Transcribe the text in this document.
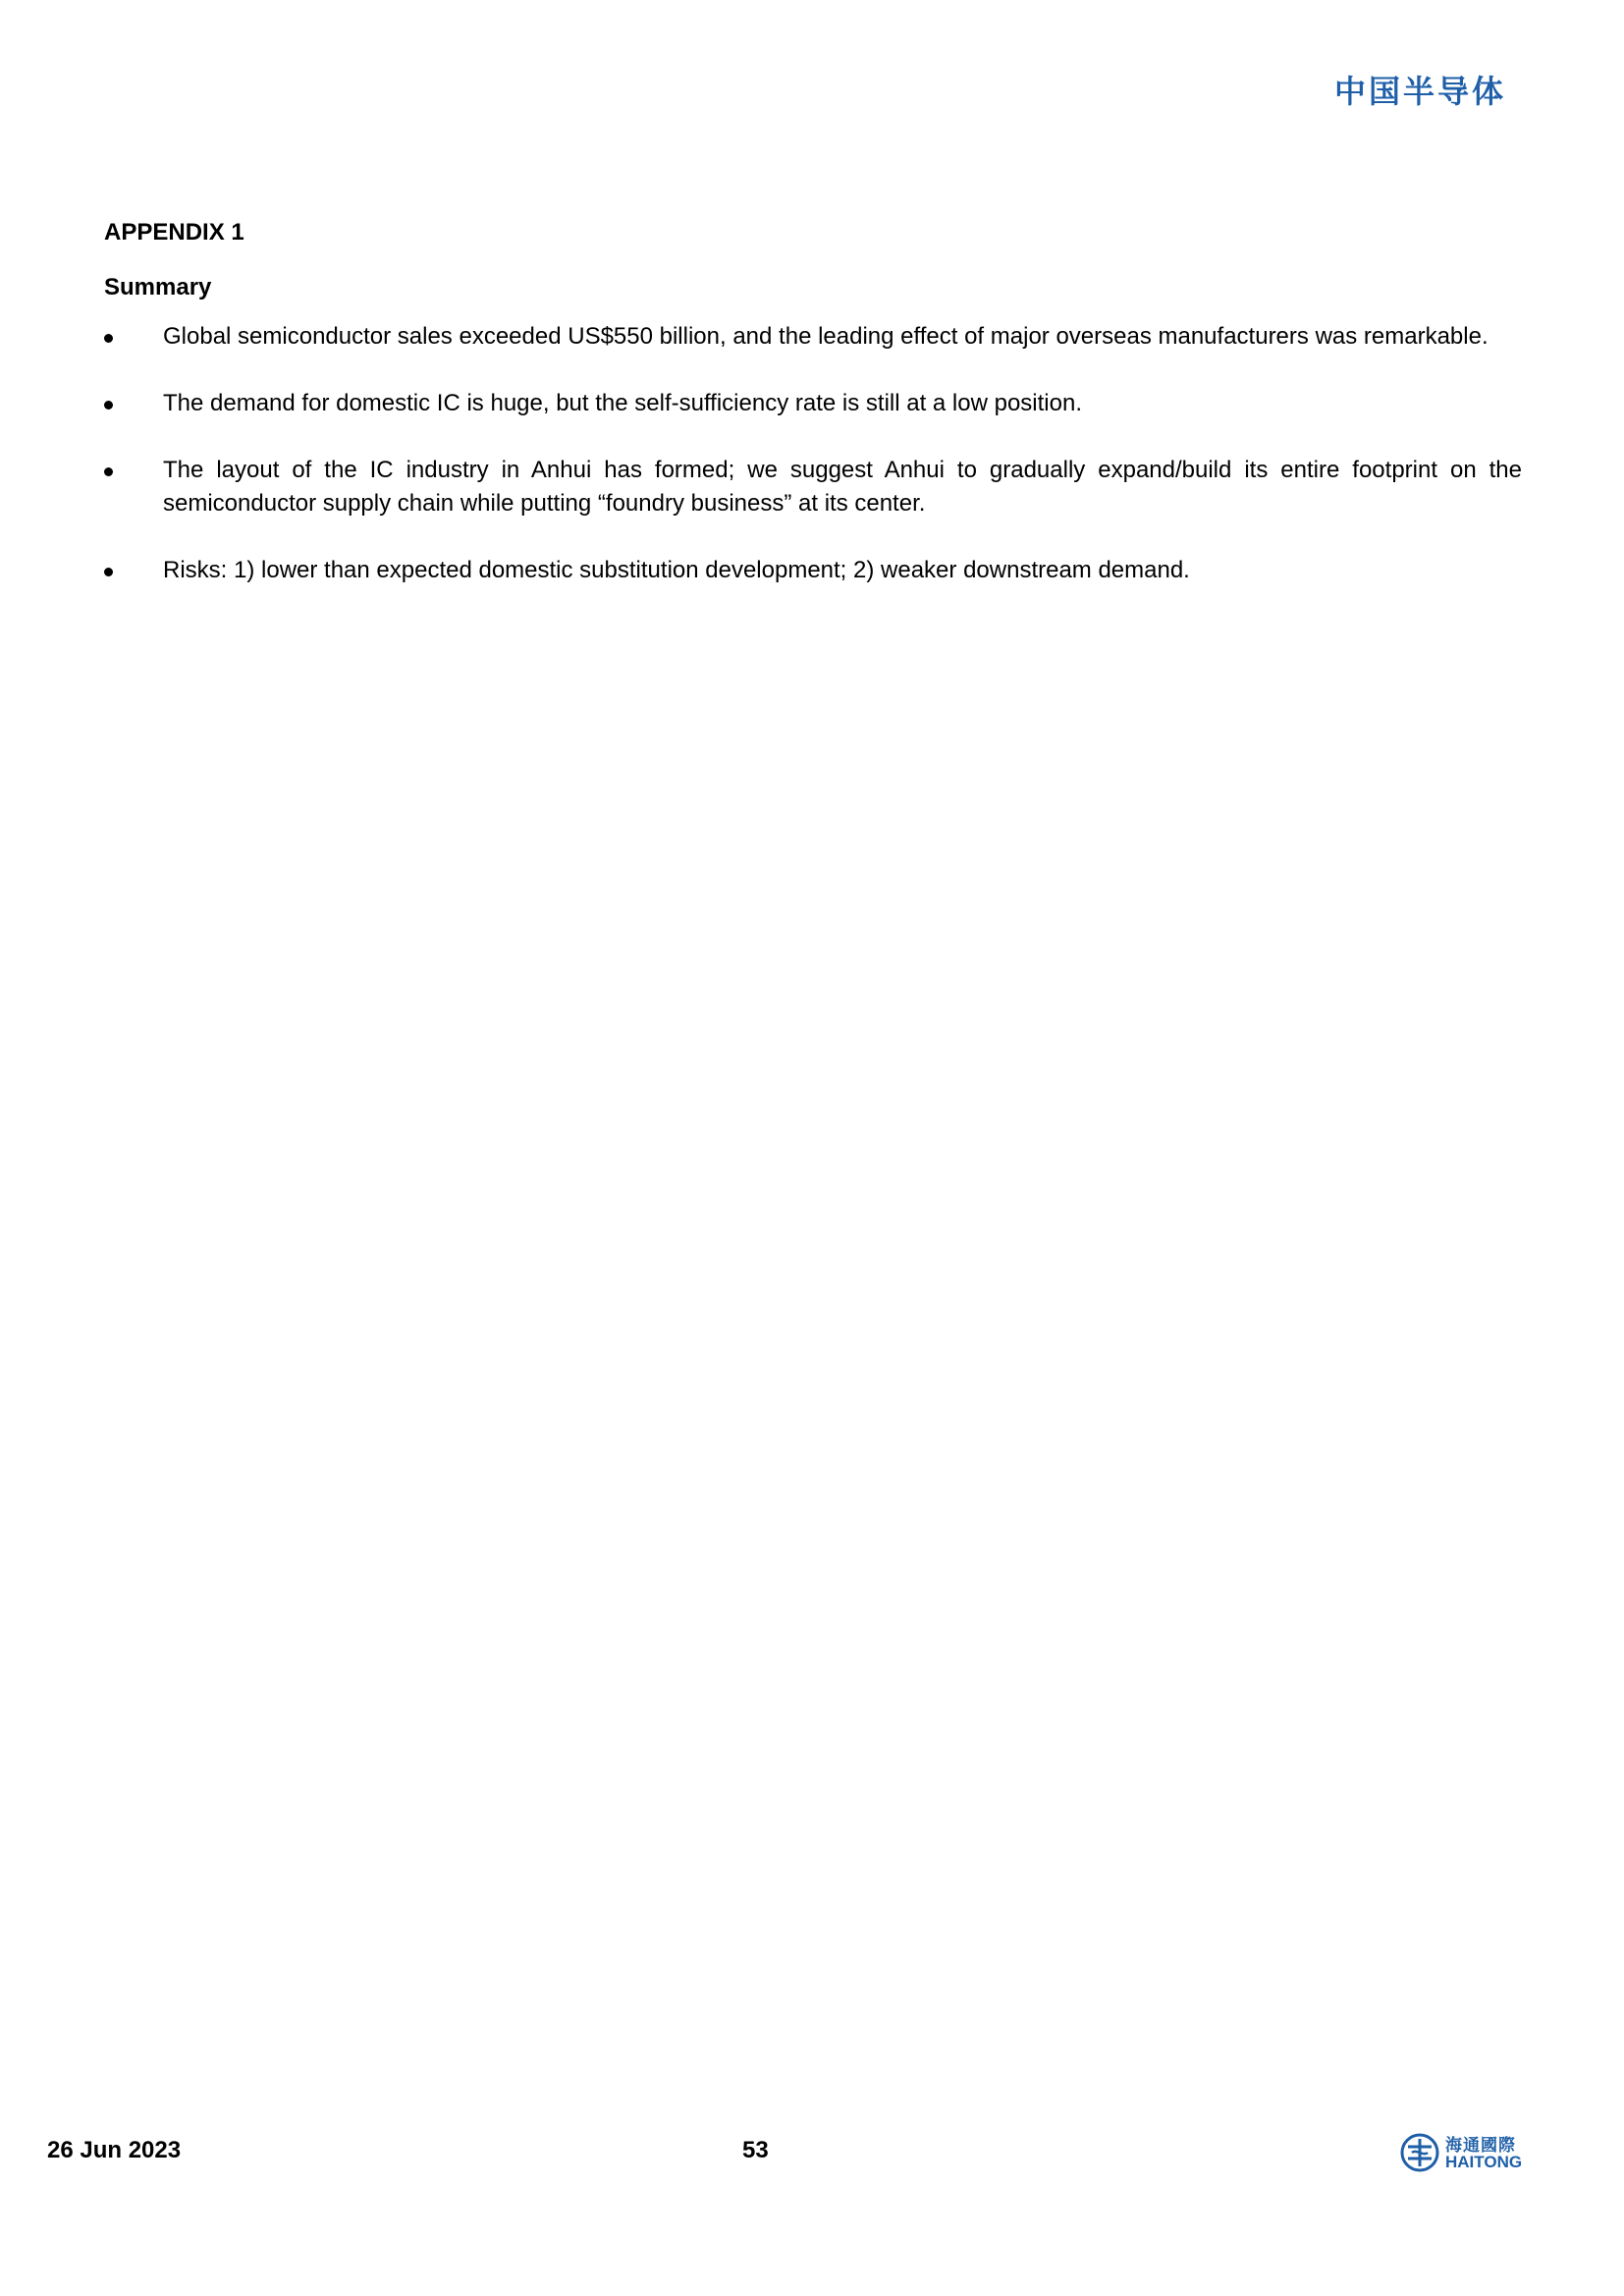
中国半导体
APPENDIX 1
Summary
Global semiconductor sales exceeded US$550 billion, and the leading effect of major overseas manufacturers was remarkable.
The demand for domestic IC is huge, but the self-sufficiency rate is still at a low position.
The layout of the IC industry in Anhui has formed; we suggest Anhui to gradually expand/build its entire footprint on the semiconductor supply chain while putting “foundry business” at its center.
Risks: 1) lower than expected domestic substitution development; 2) weaker downstream demand.
26 Jun 2023	53	海通國際
HAITONG
